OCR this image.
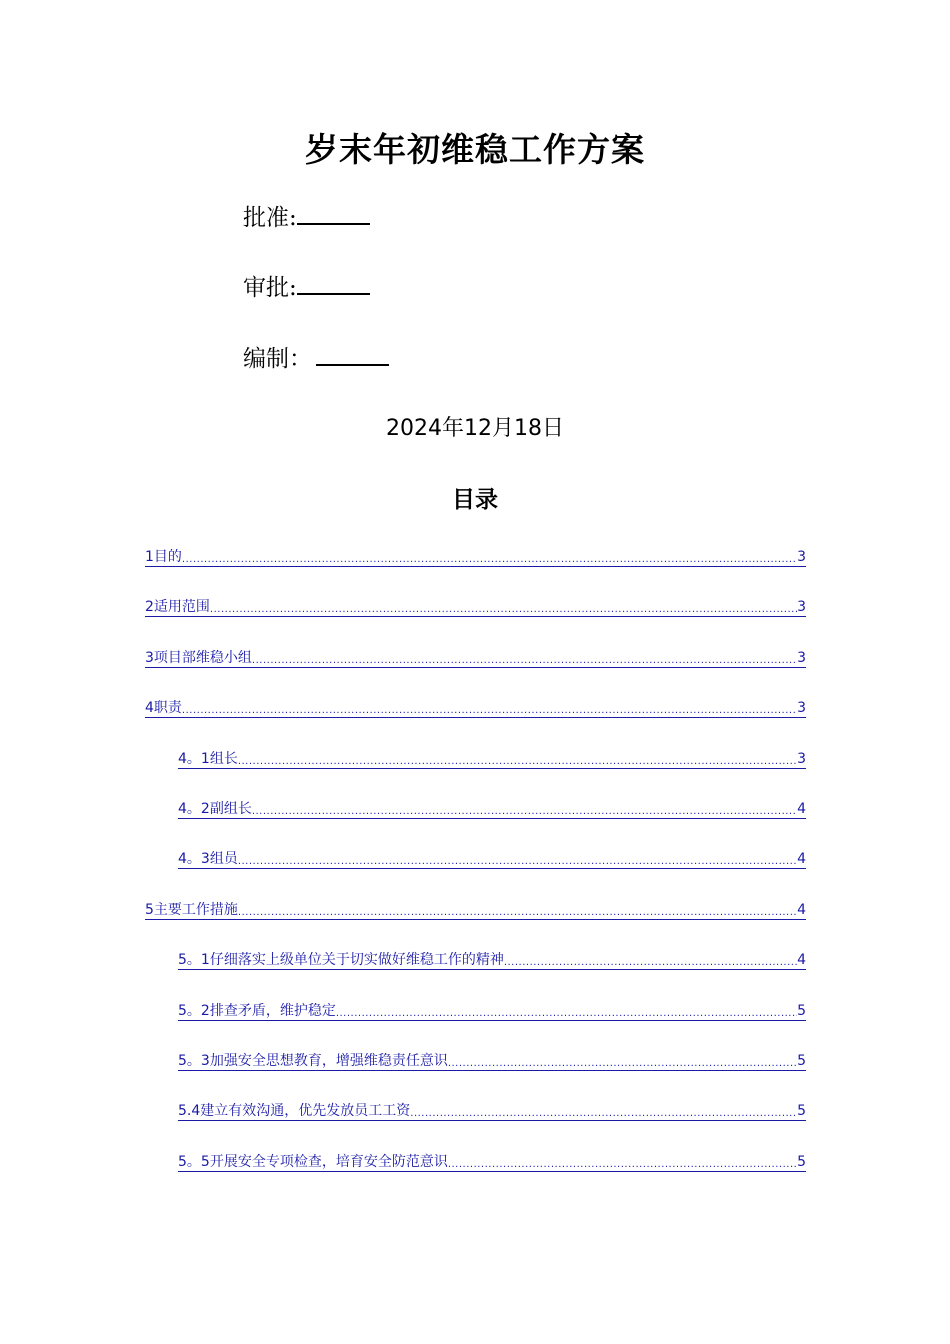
岁末年初维稳工作方案
批准:
审批:
编制：
2024年12月18日
目录
1目的 .....	3
2适用范围 .....	3
3项目部维稳小组 .....	3
4职责 .....	3
4。1组长 .....	3
4。2副组长 .....	4
4。3组员 .....	4
5主要工作措施 .....	4
5。1仔细落实上级单位关于切实做好维稳工作的精神 .....	4
5。2排查矛盾，维护稳定 .....	5
5。3加强安全思想教育，增强维稳责任意识 .....	5
5.4建立有效沟通，优先发放员工工资 .....	5
5。5开展安全专项检查，培育安全防范意识 .....	5
